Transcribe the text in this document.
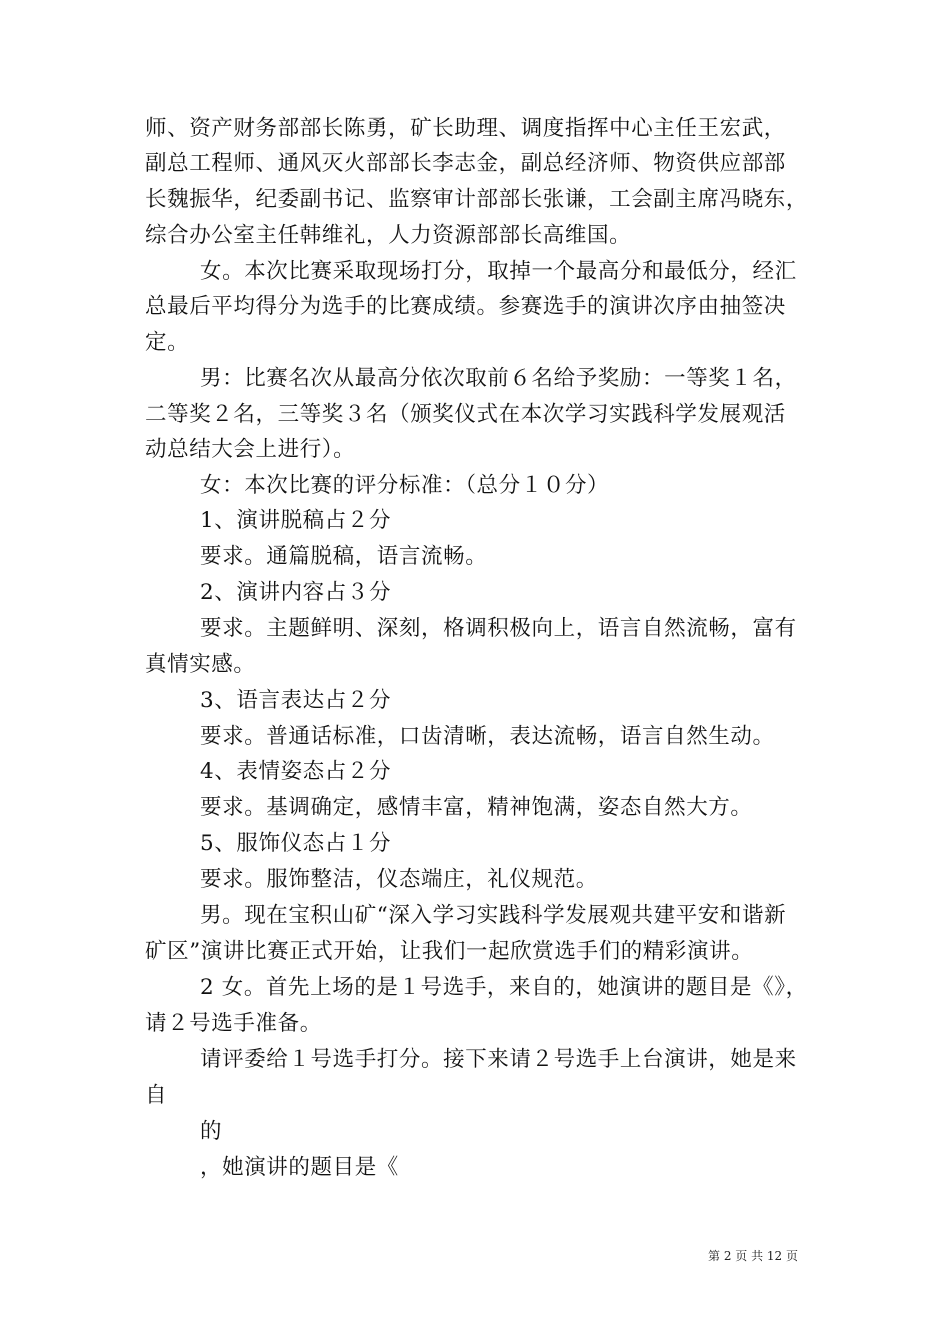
师、资产财务部部长陈勇，矿长助理、调度指挥中心主任王宏武，
副总工程师、通风灭火部部长李志金，副总经济师、物资供应部部
长魏振华，纪委副书记、监察审计部部长张谦，工会副主席冯晓东，
综合办公室主任韩维礼，人力资源部部长高维国。
女。本次比赛采取现场打分，取掉一个最高分和最低分，经汇
总最后平均得分为选手的比赛成绩。参赛选手的演讲次序由抽签决
定。
男：比赛名次从最高分依次取前６名给予奖励：一等奖１名，
二等奖２名，三等奖３名（颁奖仪式在本次学习实践科学发展观活
动总结大会上进行）。
女：本次比赛的评分标准：（总分１０分）
1、演讲脱稿占２分
要求。通篇脱稿，语言流畅。
2、演讲内容占３分
要求。主题鲜明、深刻，格调积极向上，语言自然流畅，富有
真情实感。
3、语言表达占２分
要求。普通话标准，口齿清晰，表达流畅，语言自然生动。
4、表情姿态占２分
要求。基调确定，感情丰富，精神饱满，姿态自然大方。
5、服饰仪态占１分
要求。服饰整洁，仪态端庄，礼仪规范。
男。现在宝积山矿“深入学习实践科学发展观共建平安和谐新
矿区”演讲比赛正式开始，让我们一起欣赏选手们的精彩演讲。
2 女。首先上场的是１号选手，来自的，她演讲的题目是《》，
请２号选手准备。
请评委给１号选手打分。接下来请２号选手上台演讲，她是来
自
的
，她演讲的题目是《
第 2 页 共 12 页
